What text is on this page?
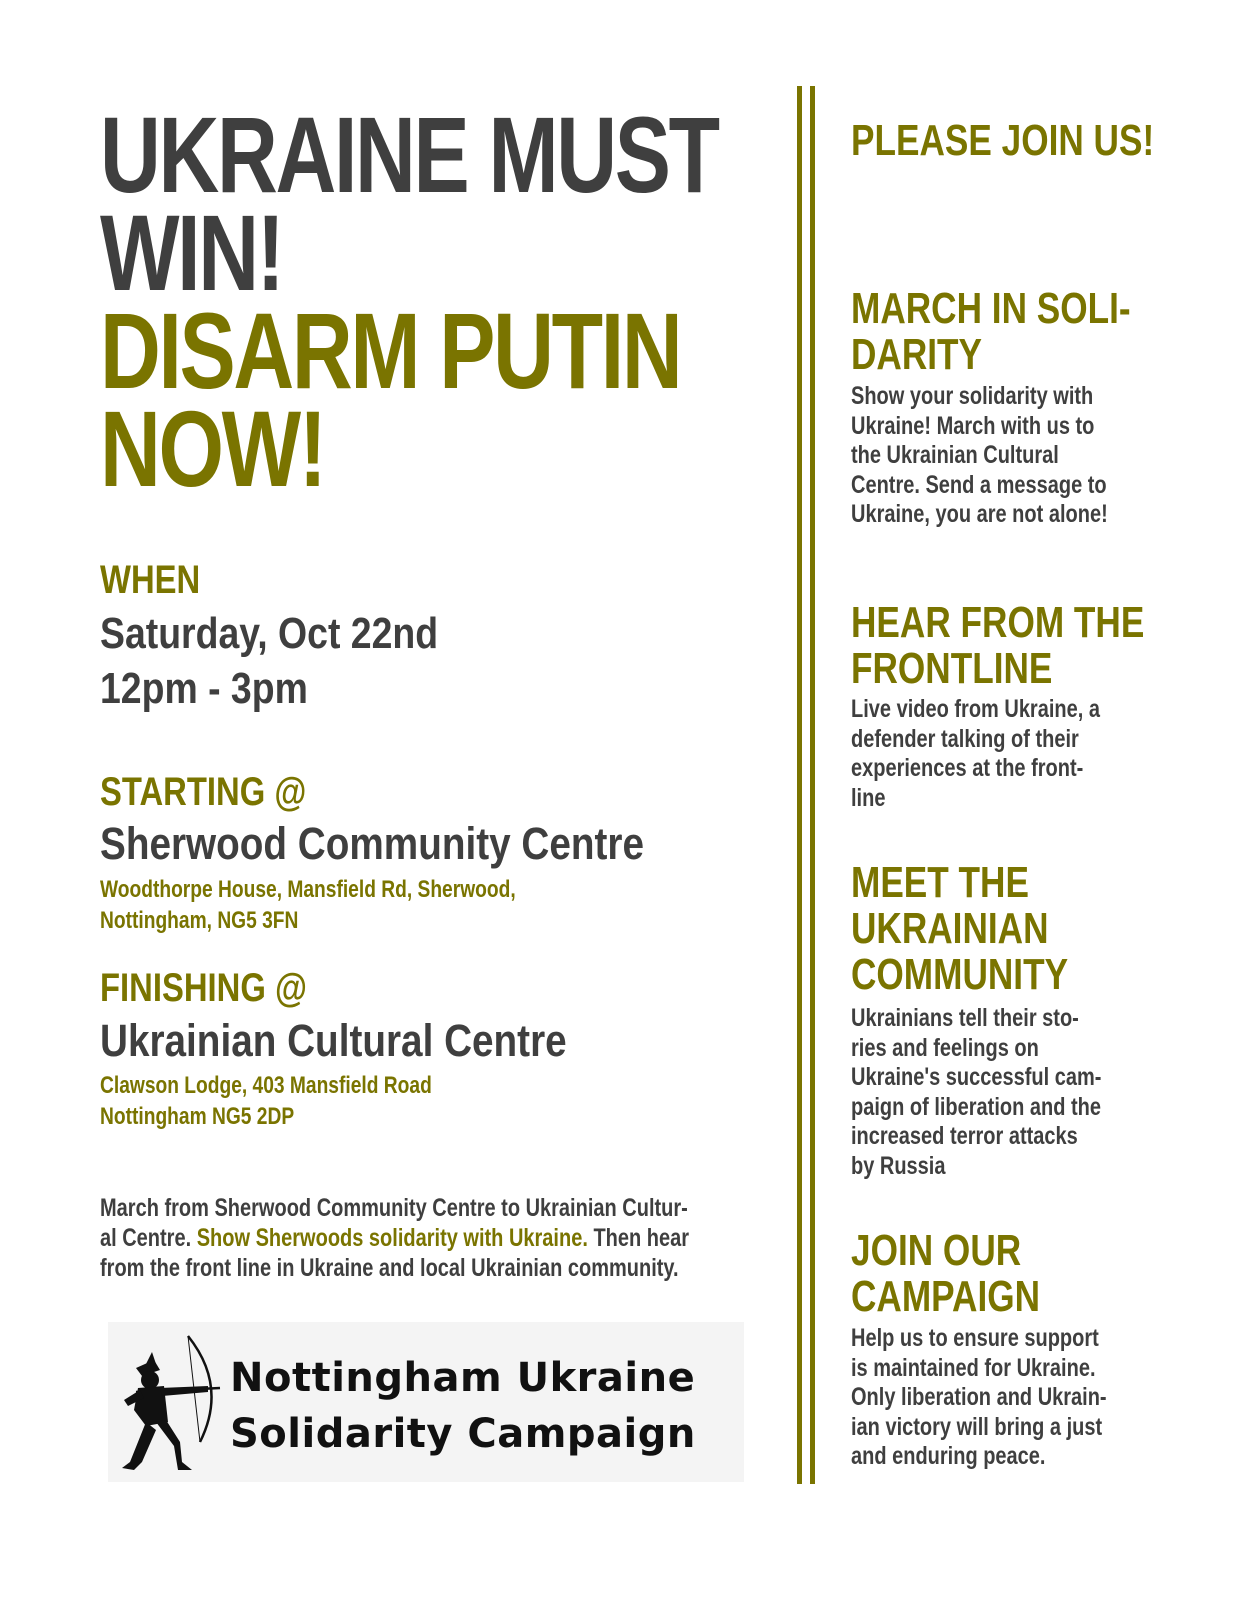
UKRAINE MUST
WIN!
DISARM PUTIN
NOW!
WHEN
Saturday, Oct 22nd
12pm - 3pm
STARTING @
Sherwood Community Centre
Woodthorpe House, Mansfield Rd, Sherwood,
Nottingham, NG5 3FN
FINISHING @
Ukrainian Cultural Centre
Clawson Lodge, 403 Mansfield Road
Nottingham NG5 2DP
March from Sherwood Community Centre to Ukrainian Cultur-
al Centre. Show Sherwoods solidarity with Ukraine. Then hear
from the front line in Ukraine and local Ukrainian community.
Nottingham Ukraine
Solidarity Campaign
PLEASE JOIN US!
MARCH IN SOLI-
DARITY
Show your solidarity with
Ukraine! March with us to
the Ukrainian Cultural
Centre. Send a message to
Ukraine, you are not alone!
HEAR FROM THE
FRONTLINE
Live video from Ukraine, a
defender talking of their
experiences at the front-
line
MEET THE
UKRAINIAN
COMMUNITY
Ukrainians tell their sto-
ries and feelings on
Ukraine's successful cam-
paign of liberation and the
increased terror attacks
by Russia
JOIN OUR
CAMPAIGN
Help us to ensure support
is maintained for Ukraine.
Only liberation and Ukrain-
ian victory will bring a just
and enduring peace.
